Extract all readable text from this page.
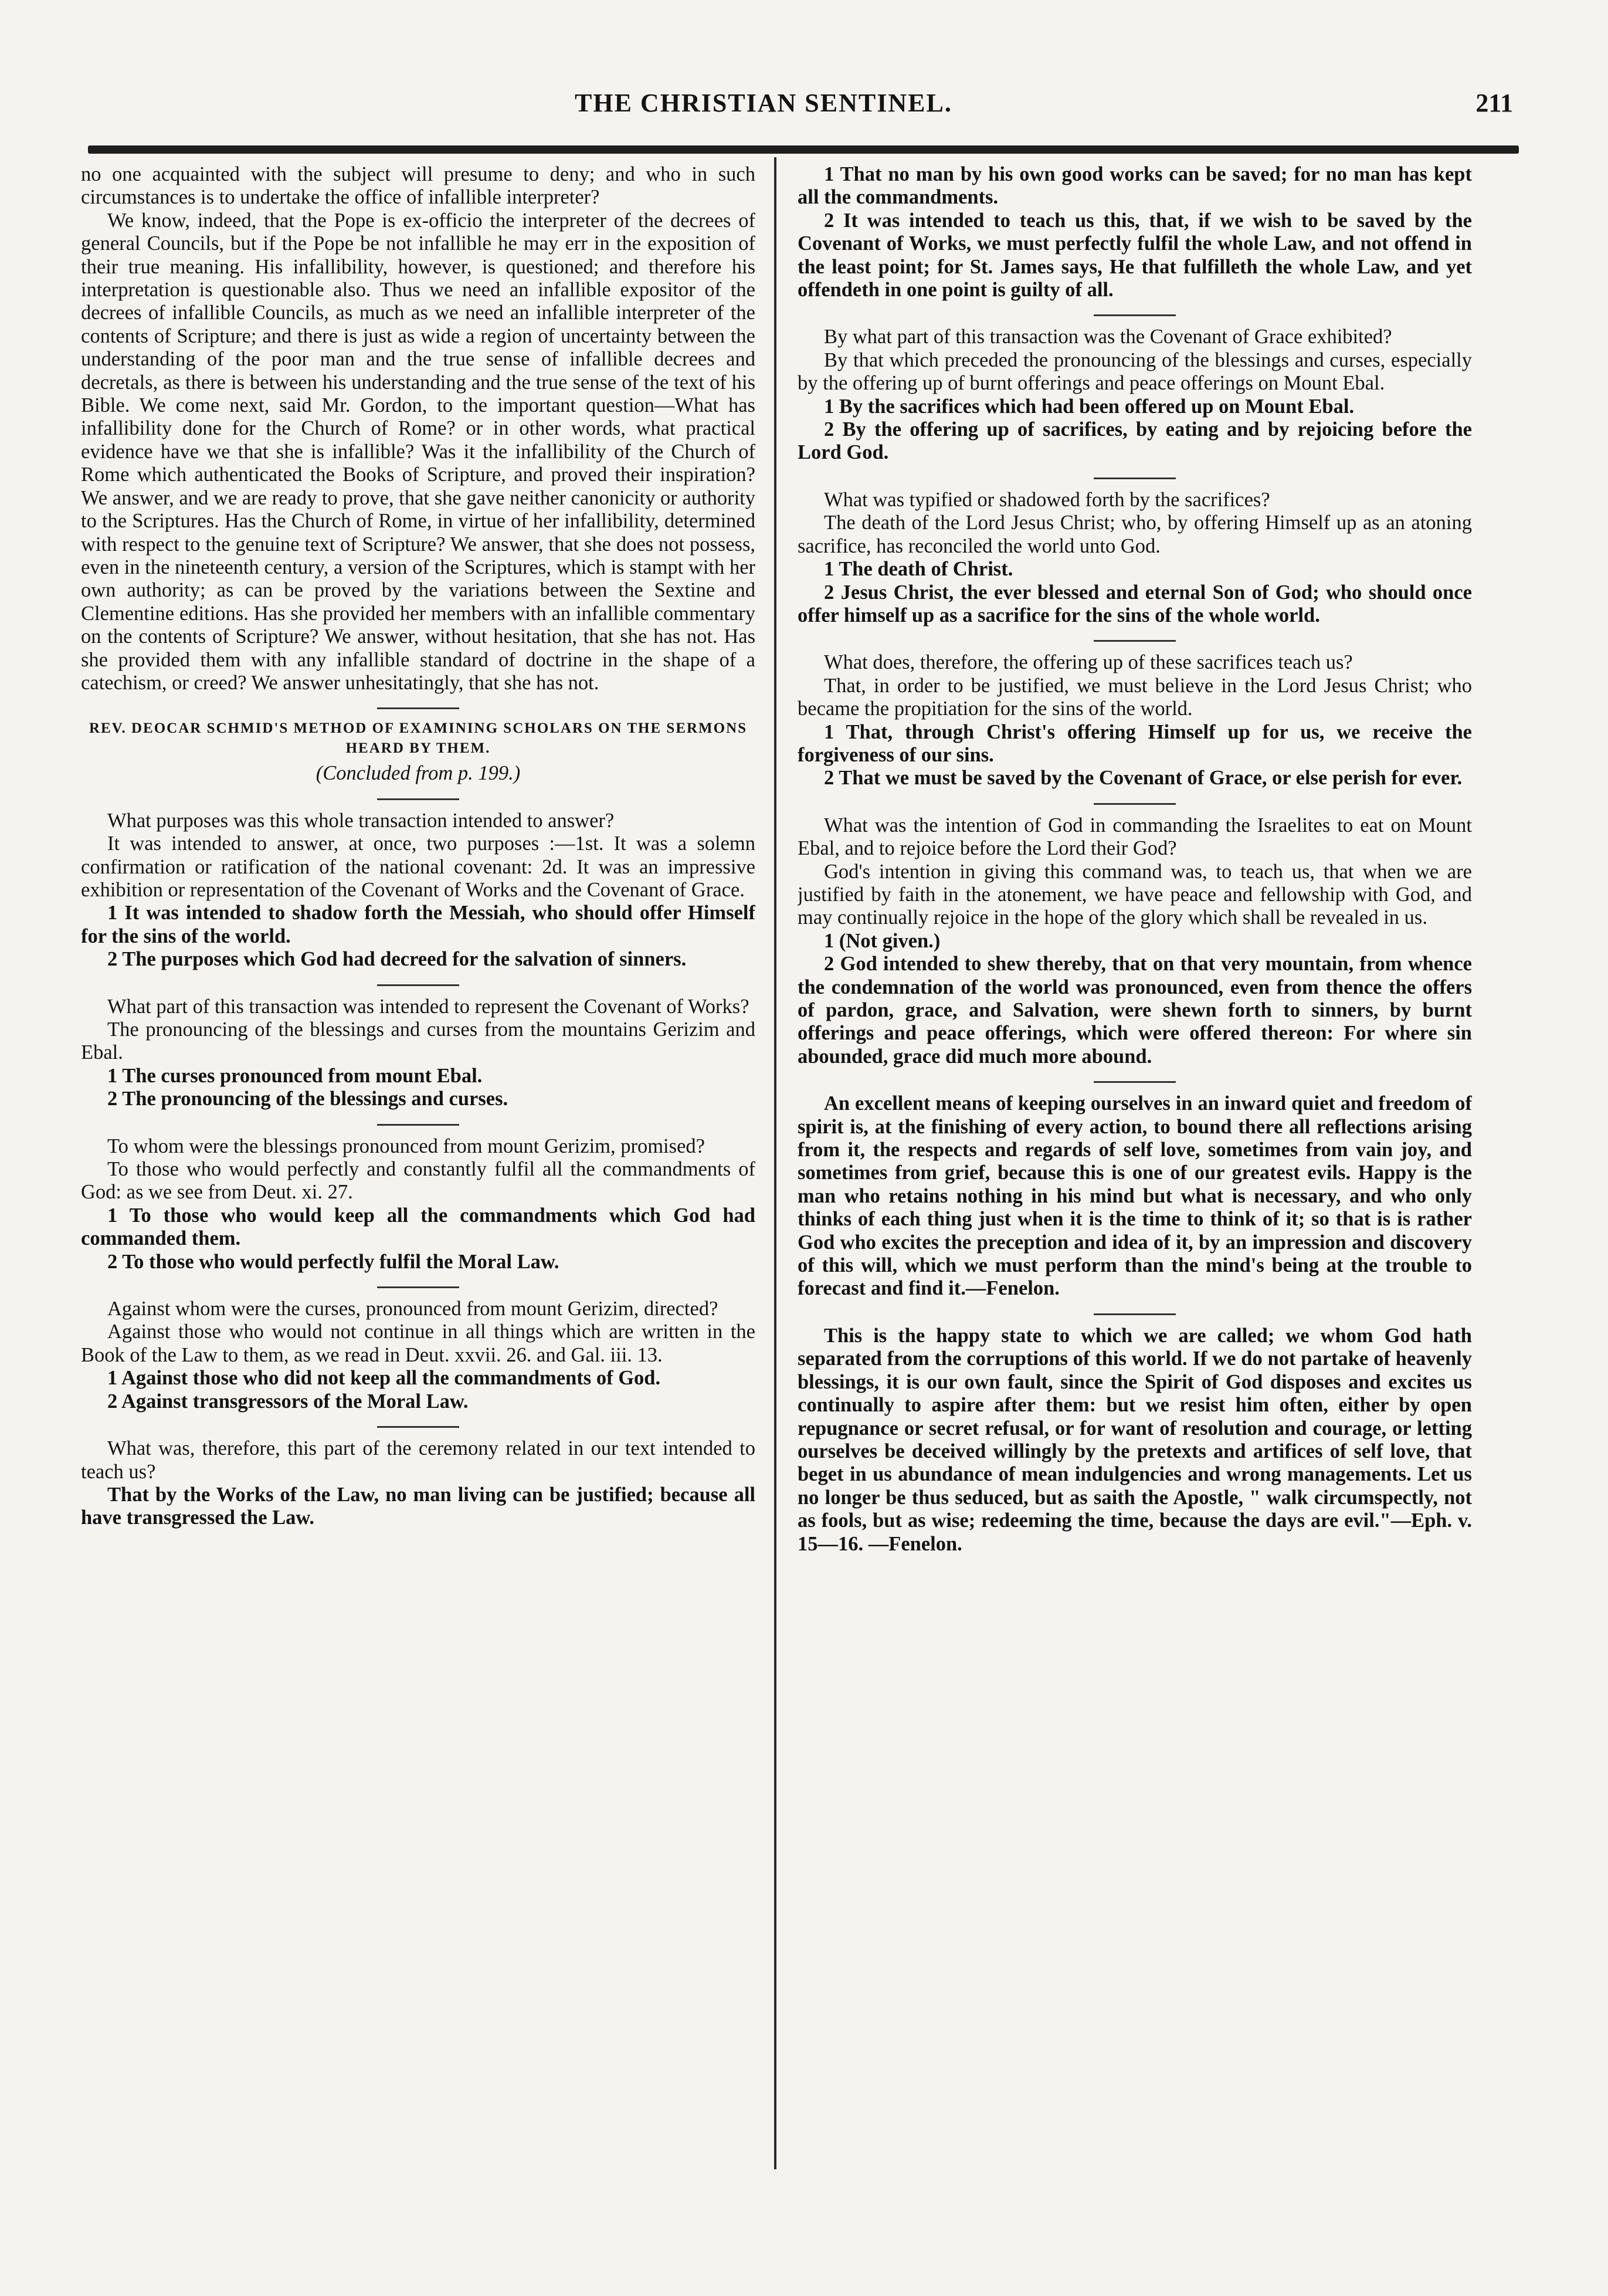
THE CHRISTIAN SENTINEL.	211

no one acquainted with the subject will presume to deny; and who in such circumstances is to undertake the office of infallible interpreter?

We know, indeed, that the Pope is ex-officio the interpreter of the decrees of general Councils, but if the Pope be not infallible he may err in the exposition of their true meaning. His infallibility, however, is questioned; and therefore his interpretation is questionable also. Thus we need an infallible expositor of the decrees of infallible Councils, as much as we need an infallible interpreter of the contents of Scripture; and there is just as wide a region of uncertainty between the understanding of the poor man and the true sense of infallible decrees and decretals, as there is between his understanding and the true sense of the text of his Bible. We come next, said Mr. Gordon, to the important question—What has infallibility done for the Church of Rome? or in other words, what practical evidence have we that she is infallible? Was it the infallibility of the Church of Rome which authenticated the Books of Scripture, and proved their inspiration? We answer, and we are ready to prove, that she gave neither canonicity or authority to the Scriptures. Has the Church of Rome, in virtue of her infallibility, determined with respect to the genuine text of Scripture? We answer, that she does not possess, even in the nineteenth century, a version of the Scriptures, which is stampt with her own authority; as can be proved by the variations between the Sextine and Clementine editions. Has she provided her members with an infallible commentary on the contents of Scripture? We answer, without hesitation, that she has not. Has she provided them with any infallible standard of doctrine in the shape of a catechism, or creed? We answer unhesitatingly, that she has not.

REV. DEOCAR SCHMID'S METHOD OF EXAMINING SCHOLARS ON THE SERMONS HEARD BY THEM.
(Concluded from p. 199.)

What purposes was this whole transaction intended to answer?

It was intended to answer, at once, two purposes :—1st. It was a solemn confirmation or ratification of the national covenant: 2d. It was an impressive exhibition or representation of the Covenant of Works and the Covenant of Grace.

1 It was intended to shadow forth the Messiah, who should offer Himself for the sins of the world.

2 The purposes which God had decreed for the salvation of sinners.

What part of this transaction was intended to represent the Covenant of Works?

The pronouncing of the blessings and curses from the mountains Gerizim and Ebal.

1 The curses pronounced from mount Ebal.

2 The pronouncing of the blessings and curses.

To whom were the blessings pronounced from mount Gerizim, promised?

To those who would perfectly and constantly fulfil all the commandments of God: as we see from Deut. xi. 27.

1 To those who would keep all the commandments which God had commanded them.

2 To those who would perfectly fulfil the Moral Law.

Against whom were the curses, pronounced from mount Gerizim, directed?

Against those who would not continue in all things which are written in the Book of the Law to them, as we read in Deut. xxvii. 26. and Gal. iii. 13.

1 Against those who did not keep all the commandments of God.

2 Against transgressors of the Moral Law.

What was, therefore, this part of the ceremony related in our text intended to teach us?

That by the Works of the Law, no man living can be justified; because all have transgressed the Law.

1 That no man by his own good works can be saved; for no man has kept all the commandments.

2 It was intended to teach us this, that, if we wish to be saved by the Covenant of Works, we must perfectly fulfil the whole Law, and not offend in the least point; for St. James says, He that fulfilleth the whole Law, and yet offendeth in one point is guilty of all.

By what part of this transaction was the Covenant of Grace exhibited?

By that which preceded the pronouncing of the blessings and curses, especially by the offering up of burnt offerings and peace offerings on Mount Ebal.

1 By the sacrifices which had been offered up on Mount Ebal.

2 By the offering up of sacrifices, by eating and by rejoicing before the Lord God.

What was typified or shadowed forth by the sacrifices?

The death of the Lord Jesus Christ; who, by offering Himself up as an atoning sacrifice, has reconciled the world unto God.

1 The death of Christ.

2 Jesus Christ, the ever blessed and eternal Son of God; who should once offer himself up as a sacrifice for the sins of the whole world.

What does, therefore, the offering up of these sacrifices teach us?

That, in order to be justified, we must believe in the Lord Jesus Christ; who became the propitiation for the sins of the world.

1 That, through Christ's offering Himself up for us, we receive the forgiveness of our sins.

2 That we must be saved by the Covenant of Grace, or else perish for ever.

What was the intention of God in commanding the Israelites to eat on Mount Ebal, and to rejoice before the Lord their God?

God's intention in giving this command was, to teach us, that when we are justified by faith in the atonement, we have peace and fellowship with God, and may continually rejoice in the hope of the glory which shall be revealed in us.

1 (Not given.)

2 God intended to shew thereby, that on that very mountain, from whence the condemnation of the world was pronounced, even from thence the offers of pardon, grace, and Salvation, were shewn forth to sinners, by burnt offerings and peace offerings, which were offered thereon: For where sin abounded, grace did much more abound.

An excellent means of keeping ourselves in an inward quiet and freedom of spirit is, at the finishing of every action, to bound there all reflections arising from it, the respects and regards of self love, sometimes from vain joy, and sometimes from grief, because this is one of our greatest evils. Happy is the man who retains nothing in his mind but what is necessary, and who only thinks of each thing just when it is the time to think of it; so that is is rather God who excites the preception and idea of it, by an impression and discovery of this will, which we must perform than the mind's being at the trouble to forecast and find it.—Fenelon.

This is the happy state to which we are called; we whom God hath separated from the corruptions of this world. If we do not partake of heavenly blessings, it is our own fault, since the Spirit of God disposes and excites us continually to aspire after them: but we resist him often, either by open repugnance or secret refusal, or for want of resolution and courage, or letting ourselves be deceived willingly by the pretexts and artifices of self love, that beget in us abundance of mean indulgencies and wrong managements. Let us no longer be thus seduced, but as saith the Apostle, " walk circumspectly, not as fools, but as wise; redeeming the time, because the days are evil."—Eph. v. 15—16. —Fenelon.
